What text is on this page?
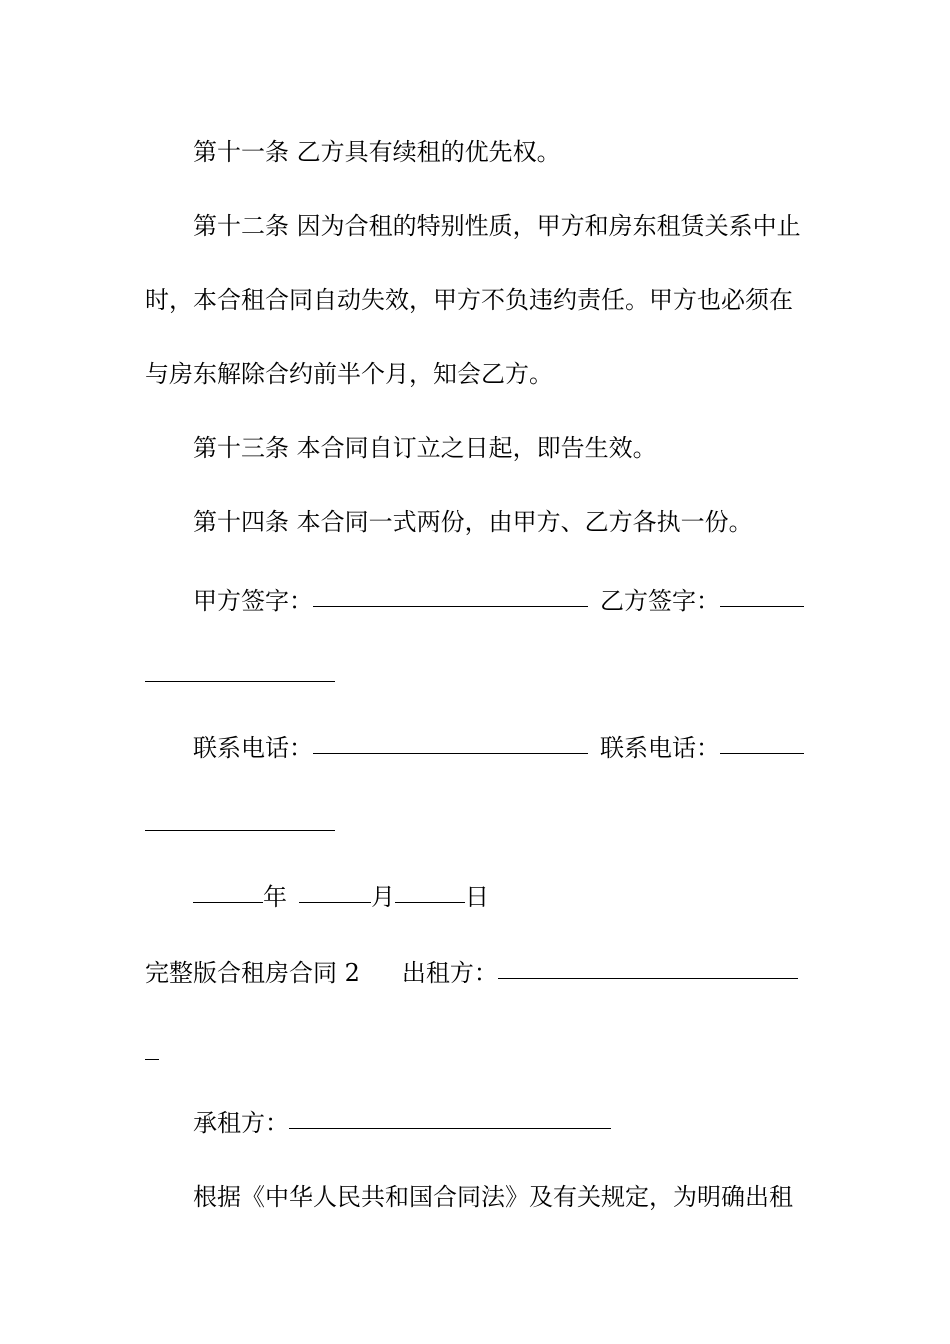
第十一条 乙方具有续租的优先权。
第十二条 因为合租的特别性质，甲方和房东租赁关系中止
时，本合租合同自动失效，甲方不负违约责任。甲方也必须在
与房东解除合约前半个月，知会乙方。
第十三条 本合同自订立之日起，即告生效。
第十四条 本合同一式两份，由甲方、乙方各执一份。
甲方签字：	乙方签字：
联系电话：	联系电话：
年	月	日
完整版合租房合同 2 出租方：
承租方：
根据《中华人民共和国合同法》及有关规定，为明确出租
